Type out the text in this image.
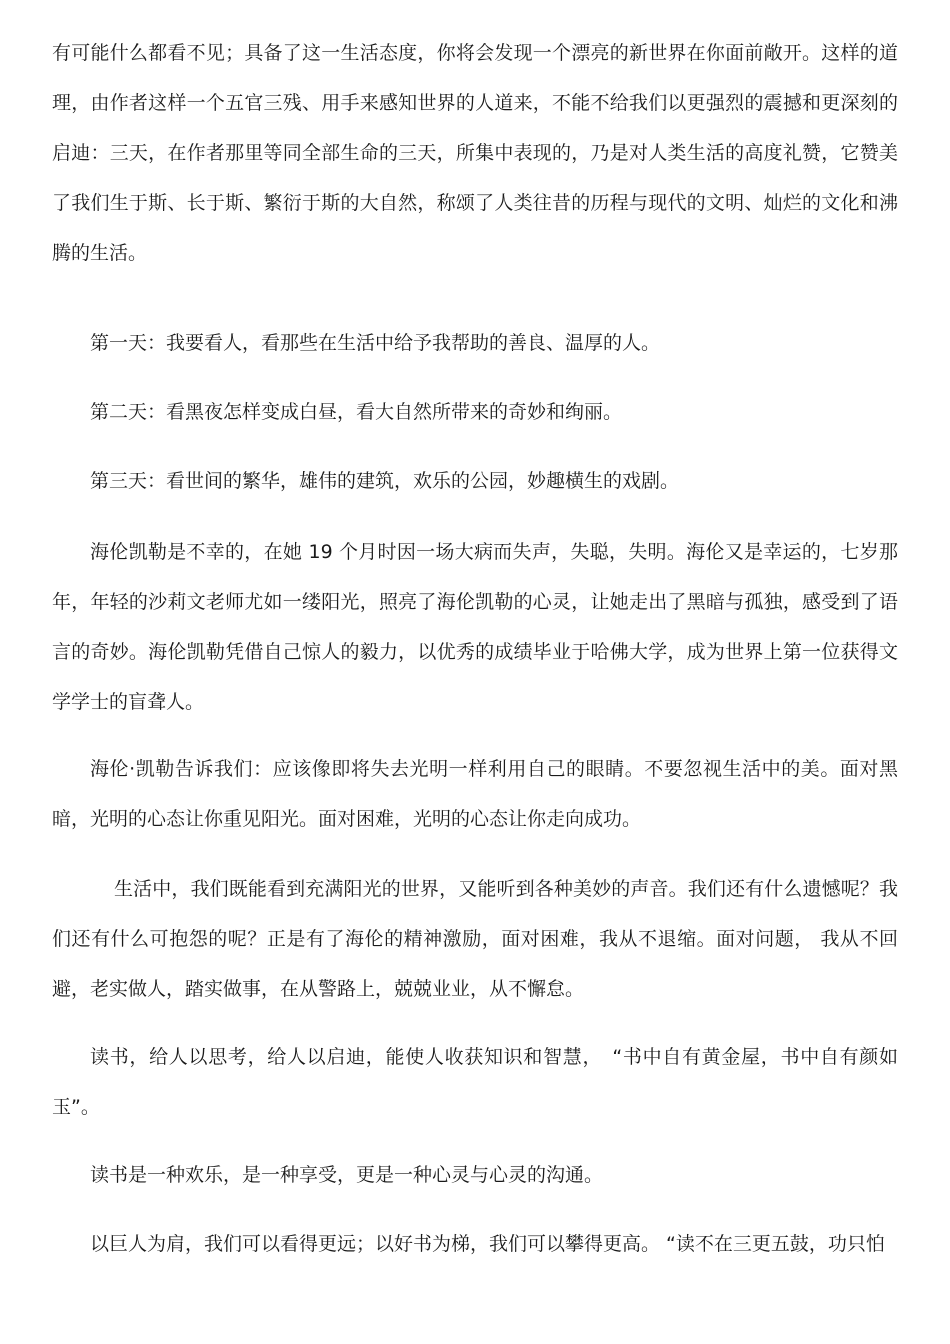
有可能什么都看不见；具备了这一生活态度，你将会发现一个漂亮的新世界在你面前敞开。这样的道理，由作者这样一个五官三残、用手来感知世界的人道来，不能不给我们以更强烈的震撼和更深刻的启迪：三天，在作者那里等同全部生命的三天，所集中表现的，乃是对人类生活的高度礼赞，它赞美了我们生于斯、长于斯、繁衍于斯的大自然，称颂了人类往昔的历程与现代的文明、灿烂的文化和沸腾的生活。

第一天：我要看人，看那些在生活中给予我帮助的善良、温厚的人。

第二天：看黑夜怎样变成白昼，看大自然所带来的奇妙和绚丽。

第三天：看世间的繁华，雄伟的建筑，欢乐的公园，妙趣横生的戏剧。

海伦凯勒是不幸的，在她 19 个月时因一场大病而失声，失聪，失明。海伦又是幸运的，七岁那年，年轻的沙莉文老师尤如一缕阳光，照亮了海伦凯勒的心灵，让她走出了黑暗与孤独，感受到了语言的奇妙。海伦凯勒凭借自己惊人的毅力，以优秀的成绩毕业于哈佛大学，成为世界上第一位获得文学学士的盲聋人。

海伦·凯勒告诉我们：应该像即将失去光明一样利用自己的眼睛。不要忽视生活中的美。面对黑暗，光明的心态让你重见阳光。面对困难，光明的心态让你走向成功。

生活中，我们既能看到充满阳光的世界，又能听到各种美妙的声音。我们还有什么遗憾呢？我们还有什么可抱怨的呢？正是有了海伦的精神激励，面对困难，我从不退缩。面对问题， 我从不回避，老实做人，踏实做事，在从警路上，兢兢业业，从不懈怠。

读书，给人以思考，给人以启迪，能使人收获知识和智慧，　“书中自有黄金屋，书中自有颜如玉”。

读书是一种欢乐，是一种享受，更是一种心灵与心灵的沟通。

以巨人为肩，我们可以看得更远；以好书为梯，我们可以攀得更高。 “读不在三更五鼓，功只怕
